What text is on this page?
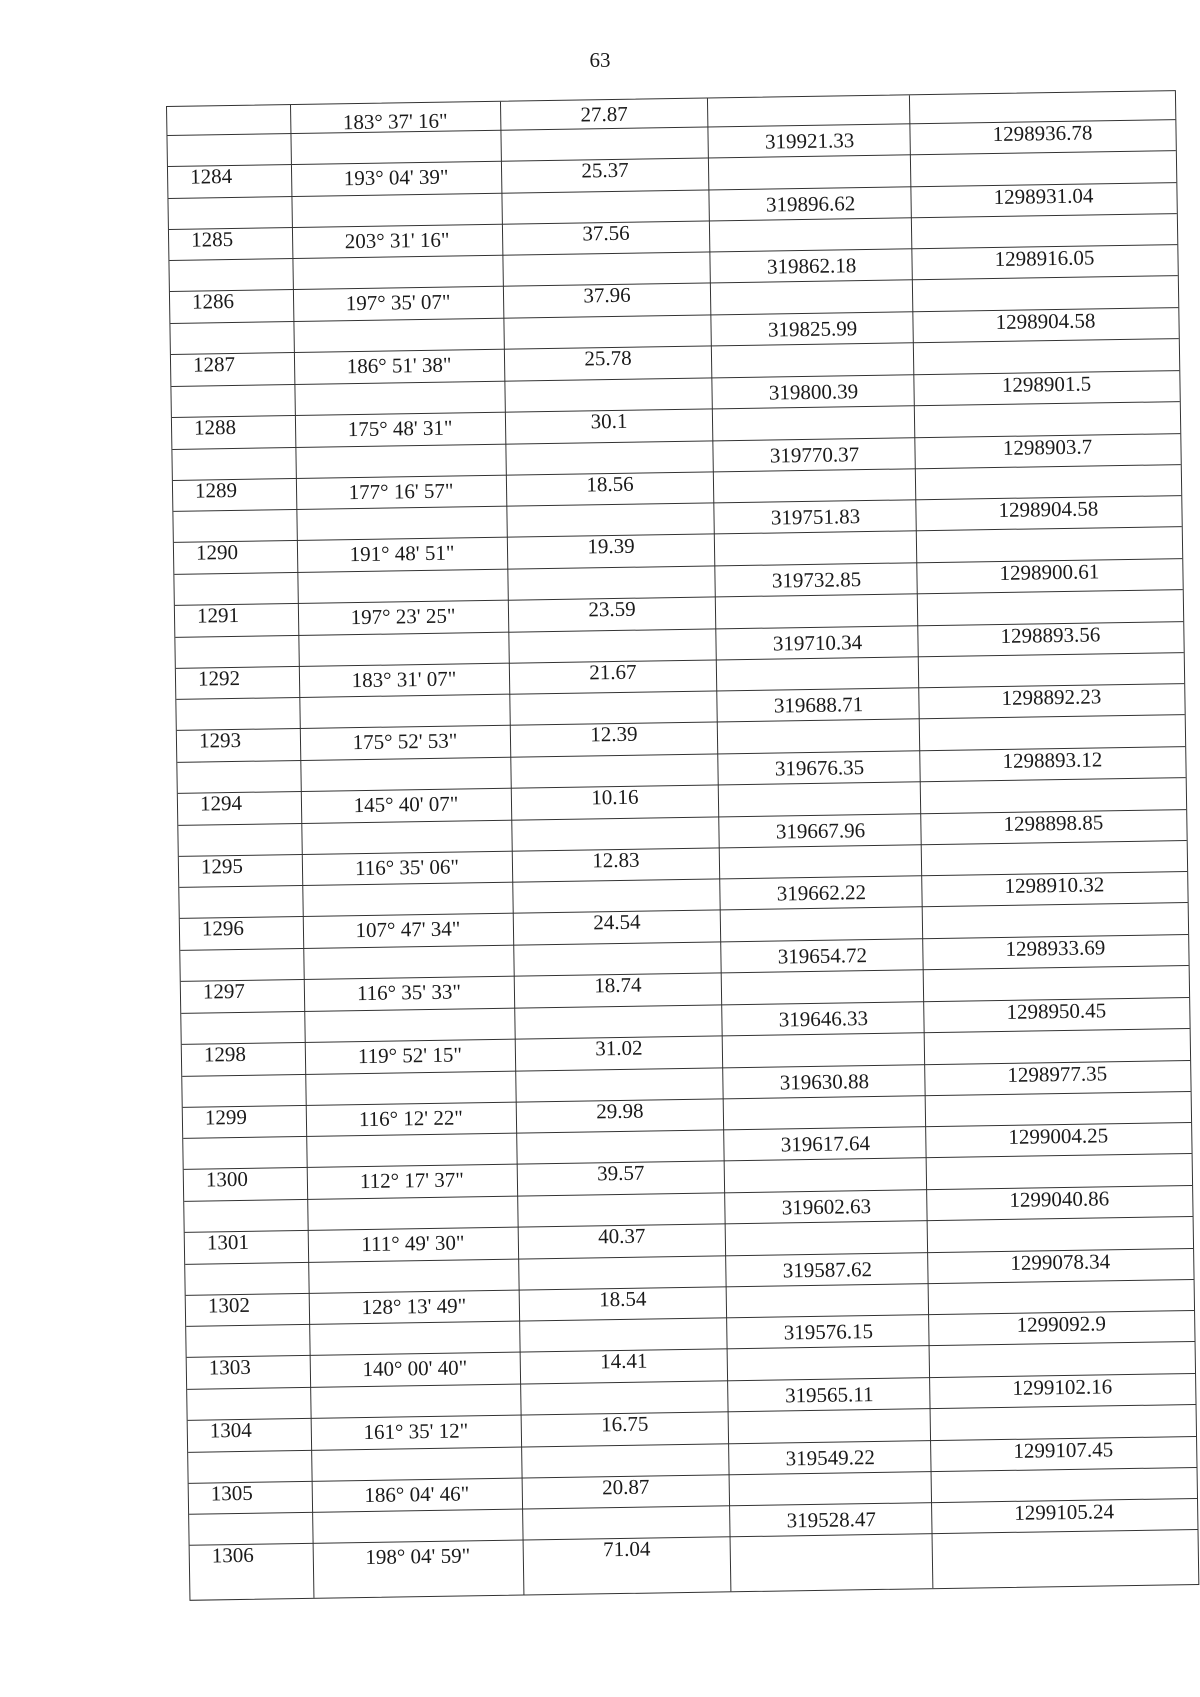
63
183° 37' 16"	27.87
319921.33	1298936.78
1284	193° 04' 39"	25.37
319896.62	1298931.04
1285	203° 31' 16"	37.56
319862.18	1298916.05
1286	197° 35' 07"	37.96
319825.99	1298904.58
1287	186° 51' 38"	25.78
319800.39	1298901.5
1288	175° 48' 31"	30.1
319770.37	1298903.7
1289	177° 16' 57"	18.56
319751.83	1298904.58
1290	191° 48' 51"	19.39
319732.85	1298900.61
1291	197° 23' 25"	23.59
319710.34	1298893.56
1292	183° 31' 07"	21.67
319688.71	1298892.23
1293	175° 52' 53"	12.39
319676.35	1298893.12
1294	145° 40' 07"	10.16
319667.96	1298898.85
1295	116° 35' 06"	12.83
319662.22	1298910.32
1296	107° 47' 34"	24.54
319654.72	1298933.69
1297	116° 35' 33"	18.74
319646.33	1298950.45
1298	119° 52' 15"	31.02
319630.88	1298977.35
1299	116° 12' 22"	29.98
319617.64	1299004.25
1300	112° 17' 37"	39.57
319602.63	1299040.86
1301	111° 49' 30"	40.37
319587.62	1299078.34
1302	128° 13' 49"	18.54
319576.15	1299092.9
1303	140° 00' 40"	14.41
319565.11	1299102.16
1304	161° 35' 12"	16.75
319549.22	1299107.45
1305	186° 04' 46"	20.87
319528.47	1299105.24
1306	198° 04' 59"	71.04
